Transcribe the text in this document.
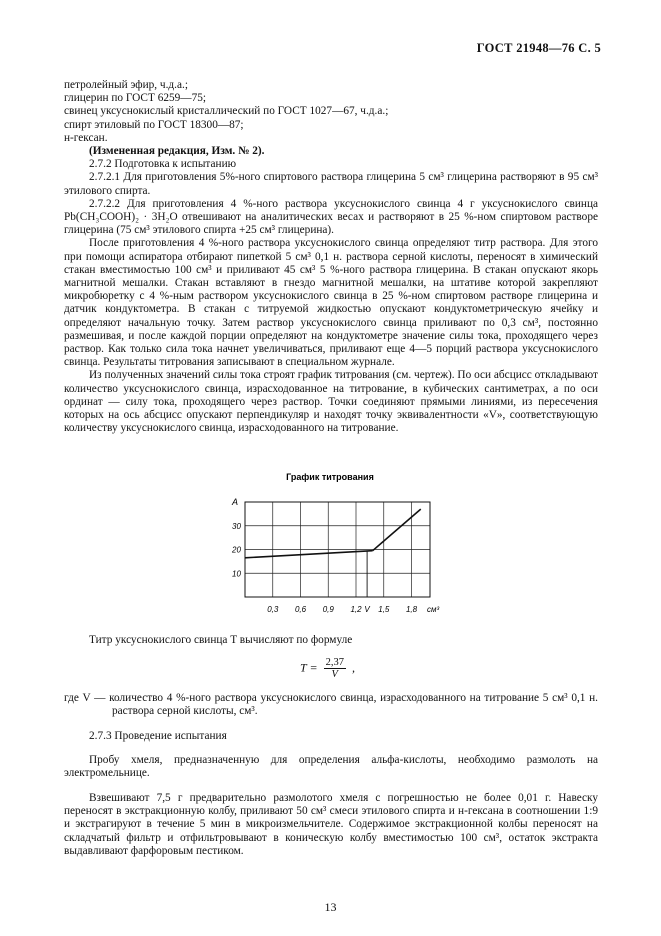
ГОСТ 21948—76 С. 5

петролейный эфир, ч.д.а.;

глицерин по ГОСТ 6259—75;

свинец уксуснокислый кристаллический по ГОСТ 1027—67, ч.д.а.;

спирт этиловый по ГОСТ 18300—87;

н-гексан.

(Измененная редакция, Изм. № 2).

2.7.2 Подготовка к испытанию

2.7.2.1 Для приготовления 5%-ного спиртового раствора глицерина 5 см³ глицерина растворяют в 95 см³ этилового спирта.

2.7.2.2 Для приготовления 4 %-ного раствора уксуснокислого свинца 4 г уксуснокислого свинца Pb(CH₃COOH)₂ · 3H₂O отвешивают на аналитических весах и растворяют в 25 %-ном спиртовом растворе глицерина (75 см³ этилового спирта +25 см³ глицерина).

После приготовления 4 %-ного раствора уксуснокислого свинца определяют титр раствора. Для этого при помощи аспиратора отбирают пипеткой 5 см³ 0,1 н. раствора серной кислоты, переносят в химический стакан вместимостью 100 см³ и приливают 45 см³ 5 %-ного раствора глицерина. В стакан опускают якорь магнитной мешалки. Стакан вставляют в гнездо магнитной мешалки, на штативе которой закрепляют микробюретку с 4 %-ным раствором уксуснокислого свинца в 25 %-ном спиртовом растворе глицерина и датчик кондуктометра. В стакан с титруемой жидкостью опускают кондуктометрическую ячейку и определяют начальную точку. Затем раствор уксуснокислого свинца приливают по 0,3 см³, постоянно размешивая, и после каждой порции определяют на кондуктометре значение силы тока, проходящего через раствор. Как только сила тока начнет увеличиваться, приливают еще 4—5 порций раствора уксуснокислого свинца. Результаты титрования записывают в специальном журнале.

Из полученных значений силы тока строят график титрования (см. чертеж). По оси абсцисс откладывают количество уксуснокислого свинца, израсходованное на титрование, в кубических сантиметрах, а по оси ординат — силу тока, проходящего через раствор. Точки соединяют прямыми линиями, из пересечения которых на ось абсцисс опускают перпендикуляр и находят точку эквивалентности «V», соответствующую количеству уксуснокислого свинца, израсходованного на титрование.

График титрования
10
20
30
0,3 0,6 0,9 1,2 V 1,5 1,8
A
см³

Титр уксуснокислого свинца T вычисляют по формуле

$T = \frac{2,37}{V}$ ,

где V — количество 4 %-ного раствора уксуснокислого свинца, израсходованного на титрование 5 см³ 0,1 н. раствора серной кислоты, см³.

2.7.3 Проведение испытания

Пробу хмеля, предназначенную для определения альфа-кислоты, необходимо размолоть на электромельнице.

Взвешивают 7,5 г предварительно размолотого хмеля с погрешностью не более 0,01 г. Навеску переносят в экстракционную колбу, приливают 50 см³ смеси этилового спирта и н-гексана в соотношении 1:9 и экстрагируют в течение 5 мин в микроизмельчителе. Содержимое экстракционной колбы переносят на складчатый фильтр и отфильтровывают в коническую колбу вместимостью 100 см³, остаток экстракта выдавливают фарфоровым пестиком.

13
